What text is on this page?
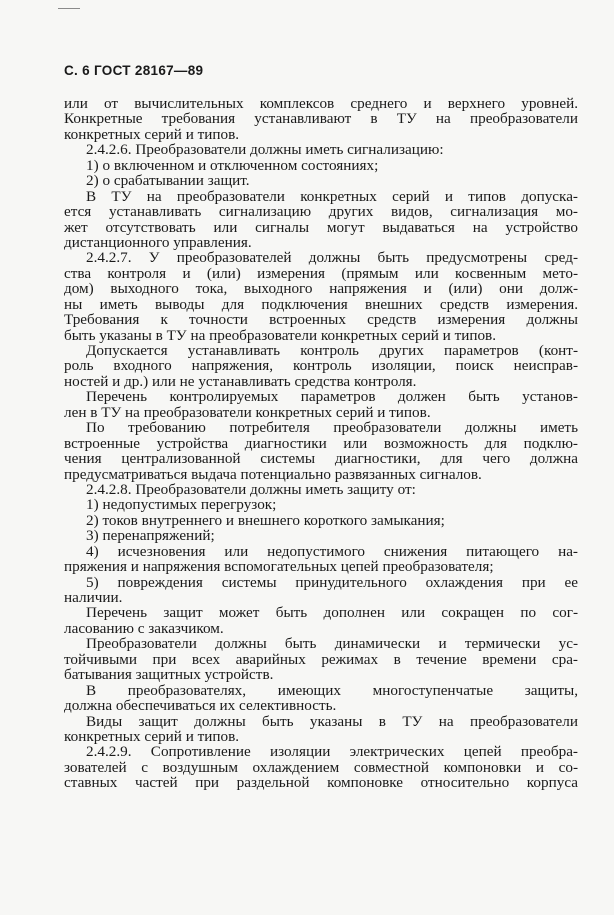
С. 6 ГОСТ 28167—89
или от вычислительных комплексов среднего и верхнего уровней.
Конкретные требования устанавливают в ТУ на преобразователи
конкретных серий и типов.
2.4.2.6. Преобразователи должны иметь сигнализацию:
1) о включенном и отключенном состояниях;
2) о срабатывании защит.
В ТУ на преобразователи конкретных серий и типов допуска-
ется устанавливать сигнализацию других видов, сигнализация мо-
жет отсутствовать или сигналы могут выдаваться на устройство
дистанционного управления.
2.4.2.7. У преобразователей должны быть предусмотрены сред-
ства контроля и (или) измерения (прямым или косвенным мето-
дом) выходного тока, выходного напряжения и (или) они долж-
ны иметь выводы для подключения внешних средств измерения.
Требования к точности встроенных средств измерения должны
быть указаны в ТУ на преобразователи конкретных серий и типов.
Допускается устанавливать контроль других параметров (конт-
роль входного напряжения, контроль изоляции, поиск неисправ-
ностей и др.) или не устанавливать средства контроля.
Перечень контролируемых параметров должен быть установ-
лен в ТУ на преобразователи конкретных серий и типов.
По требованию потребителя преобразователи должны иметь
встроенные устройства диагностики или возможность для подклю-
чения централизованной системы диагностики, для чего должна
предусматриваться выдача потенциально развязанных сигналов.
2.4.2.8. Преобразователи должны иметь защиту от:
1) недопустимых перегрузок;
2) токов внутреннего и внешнего короткого замыкания;
3) перенапряжений;
4) исчезновения или недопустимого снижения питающего на-
пряжения и напряжения вспомогательных цепей преобразователя;
5) повреждения системы принудительного охлаждения при ее
наличии.
Перечень защит может быть дополнен или сокращен по сог-
ласованию с заказчиком.
Преобразователи должны быть динамически и термически ус-
тойчивыми при всех аварийных режимах в течение времени сра-
батывания защитных устройств.
В преобразователях, имеющих многоступенчатые защиты,
должна обеспечиваться их селективность.
Виды защит должны быть указаны в ТУ на преобразователи
конкретных серий и типов.
2.4.2.9. Сопротивление изоляции электрических цепей преобра-
зователей с воздушным охлаждением совместной компоновки и со-
ставных частей при раздельной компоновке относительно корпуса
